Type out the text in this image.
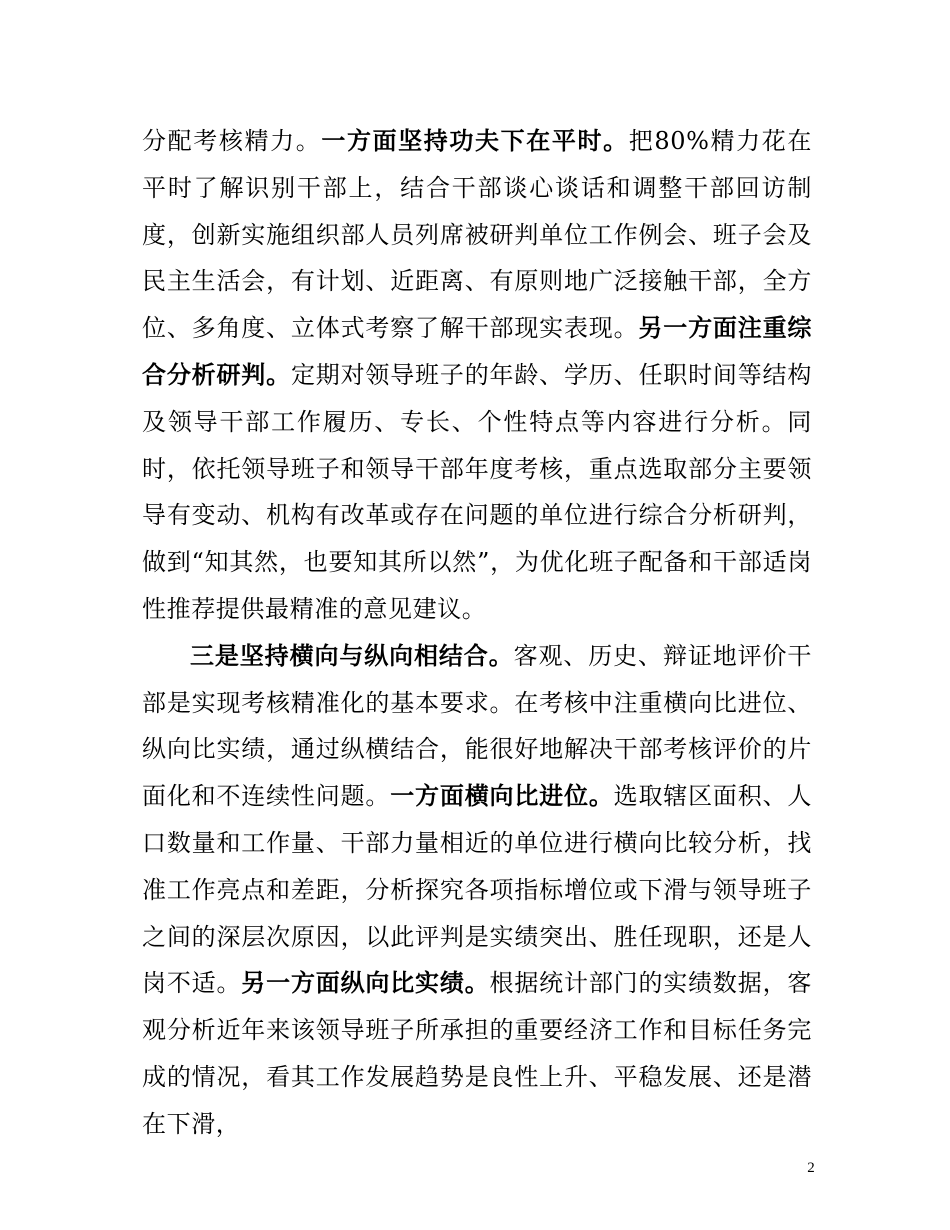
分配考核精力。一方面坚持功夫下在平时。把80%精力花在平时了解识别干部上，结合干部谈心谈话和调整干部回访制度，创新实施组织部人员列席被研判单位工作例会、班子会及民主生活会，有计划、近距离、有原则地广泛接触干部，全方位、多角度、立体式考察了解干部现实表现。另一方面注重综合分析研判。定期对领导班子的年龄、学历、任职时间等结构及领导干部工作履历、专长、个性特点等内容进行分析。同时，依托领导班子和领导干部年度考核，重点选取部分主要领导有变动、机构有改革或存在问题的单位进行综合分析研判，做到“知其然，也要知其所以然”，为优化班子配备和干部适岗性推荐提供最精准的意见建议。

三是坚持横向与纵向相结合。客观、历史、辩证地评价干部是实现考核精准化的基本要求。在考核中注重横向比进位、纵向比实绩，通过纵横结合，能很好地解决干部考核评价的片面化和不连续性问题。一方面横向比进位。选取辖区面积、人口数量和工作量、干部力量相近的单位进行横向比较分析，找准工作亮点和差距，分析探究各项指标增位或下滑与领导班子之间的深层次原因，以此评判是实绩突出、胜任现职，还是人岗不适。另一方面纵向比实绩。根据统计部门的实绩数据，客观分析近年来该领导班子所承担的重要经济工作和目标任务完成的情况，看其工作发展趋势是良性上升、平稳发展、还是潜在下滑，

2
